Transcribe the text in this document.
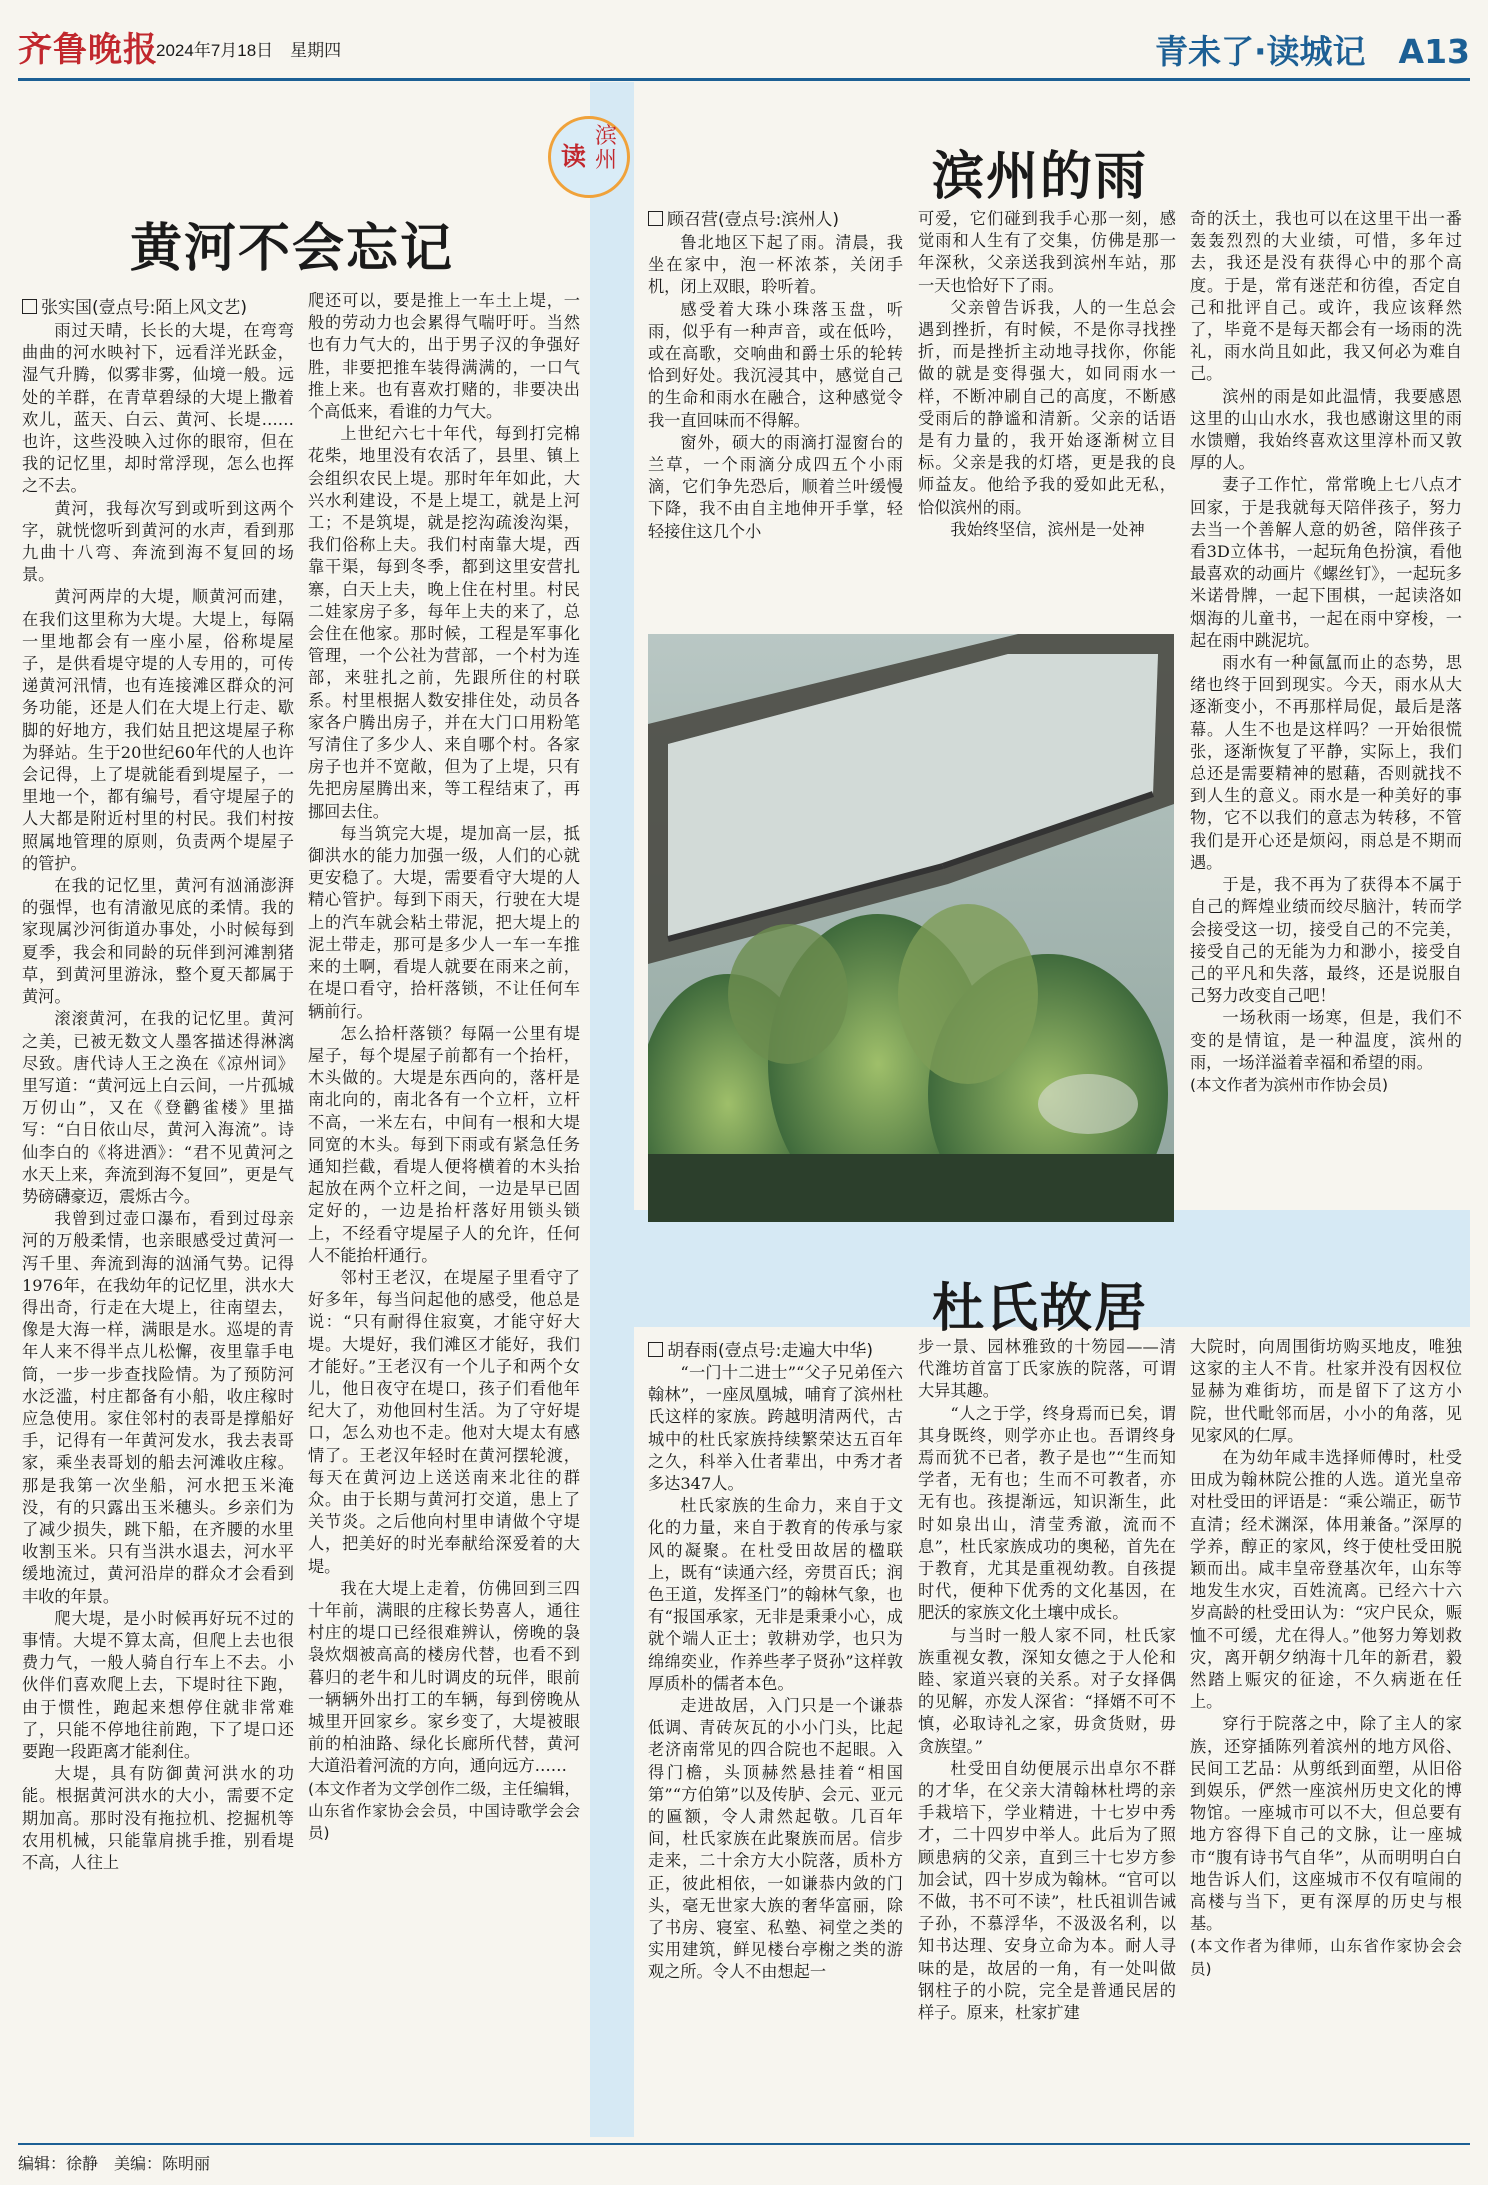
齐鲁晚报
2024年7月18日　星期四	青未了·读城记　A13
读
滨州
黄河不会忘记
张实国(壹点号:陌上风文艺)

雨过天晴，长长的大堤，在弯弯曲曲的河水映衬下，远看洋光跃金，湿气升腾，似雾非雾，仙境一般。远处的羊群，在青草碧绿的大堤上撒着欢儿，蓝天、白云、黄河、长堤……也许，这些没映入过你的眼帘，但在我的记忆里，却时常浮现，怎么也挥之不去。

黄河，我每次写到或听到这两个字，就恍惚听到黄河的水声，看到那九曲十八弯、奔流到海不复回的场景。

黄河两岸的大堤，顺黄河而建，在我们这里称为大堤。大堤上，每隔一里地都会有一座小屋，俗称堤屋子，是供看堤守堤的人专用的，可传递黄河汛情，也有连接滩区群众的河务功能，还是人们在大堤上行走、歇脚的好地方，我们姑且把这堤屋子称为驿站。生于20世纪60年代的人也许会记得，上了堤就能看到堤屋子，一里地一个，都有编号，看守堤屋子的人大都是附近村里的村民。我们村按照属地管理的原则，负责两个堤屋子的管护。

在我的记忆里，黄河有汹涌澎湃的强悍，也有清澈见底的柔情。我的家现属沙河街道办事处，小时候每到夏季，我会和同龄的玩伴到河滩割猪草，到黄河里游泳，整个夏天都属于黄河。

滚滚黄河，在我的记忆里。黄河之美，已被无数文人墨客描述得淋漓尽致。唐代诗人王之涣在《凉州词》里写道：“黄河远上白云间，一片孤城万仞山”，又在《登鹳雀楼》里描写：“白日依山尽，黄河入海流”。诗仙李白的《将进酒》：“君不见黄河之水天上来，奔流到海不复回”，更是气势磅礴豪迈，震烁古今。

我曾到过壶口瀑布，看到过母亲河的万般柔情，也亲眼感受过黄河一泻千里、奔流到海的汹涌气势。记得1976年，在我幼年的记忆里，洪水大得出奇，行走在大堤上，往南望去，像是大海一样，满眼是水。巡堤的青年人来不得半点儿松懈，夜里靠手电筒，一步一步查找险情。为了预防河水泛滥，村庄都备有小船，收庄稼时应急使用。家住邻村的表哥是撑船好手，记得有一年黄河发水，我去表哥家，乘坐表哥划的船去河滩收庄稼。那是我第一次坐船，河水把玉米淹没，有的只露出玉米穗头。乡亲们为了减少损失，跳下船，在齐腰的水里收割玉米。只有当洪水退去，河水平缓地流过，黄河沿岸的群众才会看到丰收的年景。

爬大堤，是小时候再好玩不过的事情。大堤不算太高，但爬上去也很费力气，一般人骑自行车上不去。小伙伴们喜欢爬上去，下堤时往下跑，由于惯性，跑起来想停住就非常难了，只能不停地往前跑，下了堤口还要跑一段距离才能刹住。

大堤，具有防御黄河洪水的功能。根据黄河洪水的大小，需要不定期加高。那时没有拖拉机、挖掘机等农用机械，只能靠肩挑手推，别看堤不高，人往上

爬还可以，要是推上一车土上堤，一般的劳动力也会累得气喘吁吁。当然也有力气大的，出于男子汉的争强好胜，非要把推车装得满满的，一口气推上来。也有喜欢打赌的，非要决出个高低来，看谁的力气大。

上世纪六七十年代，每到打完棉花柴，地里没有农活了，县里、镇上会组织农民上堤。那时年年如此，大兴水利建设，不是上堤工，就是上河工；不是筑堤，就是挖沟疏浚沟渠，我们俗称上夫。我们村南靠大堤，西靠干渠，每到冬季，都到这里安营扎寨，白天上夫，晚上住在村里。村民二娃家房子多，每年上夫的来了，总会住在他家。那时候，工程是军事化管理，一个公社为营部，一个村为连部，来驻扎之前，先跟所住的村联系。村里根据人数安排住处，动员各家各户腾出房子，并在大门口用粉笔写清住了多少人、来自哪个村。各家房子也并不宽敞，但为了上堤，只有先把房屋腾出来，等工程结束了，再挪回去住。

每当筑完大堤，堤加高一层，抵御洪水的能力加强一级，人们的心就更安稳了。大堤，需要看守大堤的人精心管护。每到下雨天，行驶在大堤上的汽车就会粘土带泥，把大堤上的泥土带走，那可是多少人一车一车推来的土啊，看堤人就要在雨来之前，在堤口看守，拾杆落锁，不让任何车辆前行。

怎么拾杆落锁？每隔一公里有堤屋子，每个堤屋子前都有一个抬杆，木头做的。大堤是东西向的，落杆是南北向的，南北各有一个立杆，立杆不高，一米左右，中间有一根和大堤同宽的木头。每到下雨或有紧急任务通知拦截，看堤人便将横着的木头抬起放在两个立杆之间，一边是早已固定好的，一边是抬杆落好用锁头锁上，不经看守堤屋子人的允许，任何人不能抬杆通行。

邻村王老汉，在堤屋子里看守了好多年，每当问起他的感受，他总是说：“只有耐得住寂寞，才能守好大堤。大堤好，我们滩区才能好，我们才能好。”王老汉有一个儿子和两个女儿，他日夜守在堤口，孩子们看他年纪大了，劝他回村生活。为了守好堤口，怎么劝也不走。他对大堤太有感情了。王老汉年轻时在黄河摆轮渡，每天在黄河边上送送南来北往的群众。由于长期与黄河打交道，患上了关节炎。之后他向村里申请做个守堤人，把美好的时光奉献给深爱着的大堤。

我在大堤上走着，仿佛回到三四十年前，满眼的庄稼长势喜人，通往村庄的堤口已经很难辨认，傍晚的袅袅炊烟被高高的楼房代替，也看不到暮归的老牛和儿时调皮的玩伴，眼前一辆辆外出打工的车辆，每到傍晚从城里开回家乡。家乡变了，大堤被眼前的柏油路、绿化长廊所代替，黄河大道沿着河流的方向，通向远方……

(本文作者为文学创作二级，主任编辑，山东省作家协会会员，中国诗歌学会会员)

滨州的雨
顾召营(壹点号:滨州人)

鲁北地区下起了雨。清晨，我坐在家中，泡一杯浓茶，关闭手机，闭上双眼，聆听着。

感受着大珠小珠落玉盘，听雨，似乎有一种声音，或在低吟，或在高歌，交响曲和爵士乐的轮转恰到好处。我沉浸其中，感觉自己的生命和雨水在融合，这种感觉令我一直回味而不得解。

窗外，硕大的雨滴打湿窗台的兰草，一个雨滴分成四五个小雨滴，它们争先恐后，顺着兰叶缓慢下降，我不由自主地伸开手掌，轻轻接住这几个小

可爱，它们碰到我手心那一刻，感觉雨和人生有了交集，仿佛是那一年深秋，父亲送我到滨州车站，那一天也恰好下了雨。

父亲曾告诉我，人的一生总会遇到挫折，有时候，不是你寻找挫折，而是挫折主动地寻找你，你能做的就是变得强大，如同雨水一样，不断冲刷自己的高度，不断感受雨后的静谧和清新。父亲的话语是有力量的，我开始逐渐树立目标。父亲是我的灯塔，更是我的良师益友。他给予我的爱如此无私，恰似滨州的雨。

我始终坚信，滨州是一处神

奇的沃土，我也可以在这里干出一番轰轰烈烈的大业绩，可惜，多年过去，我还是没有获得心中的那个高度。于是，常有迷茫和彷徨，否定自己和批评自己。或许，我应该释然了，毕竟不是每天都会有一场雨的洗礼，雨水尚且如此，我又何必为难自己。

滨州的雨是如此温情，我要感恩这里的山山水水，我也感谢这里的雨水馈赠，我始终喜欢这里淳朴而又敦厚的人。

妻子工作忙，常常晚上七八点才回家，于是我就每天陪伴孩子，努力去当一个善解人意的奶爸，陪伴孩子看3D立体书，一起玩角色扮演，看他最喜欢的动画片《螺丝钉》，一起玩多米诺骨牌，一起下围棋，一起读洛如烟海的儿童书，一起在雨中穿梭，一起在雨中跳泥坑。

雨水有一种氤氲而止的态势，思绪也终于回到现实。今天，雨水从大逐渐变小，不再那样局促，最后是落幕。人生不也是这样吗？一开始很慌张，逐渐恢复了平静，实际上，我们总还是需要精神的慰藉，否则就找不到人生的意义。雨水是一种美好的事物，它不以我们的意志为转移，不管我们是开心还是烦闷，雨总是不期而遇。

于是，我不再为了获得本不属于自己的辉煌业绩而绞尽脑汁，转而学会接受这一切，接受自己的不完美，接受自己的无能为力和渺小，接受自己的平凡和失落，最终，还是说服自己努力改变自己吧！

一场秋雨一场寒，但是，我们不变的是情谊，是一种温度，滨州的雨，一场洋溢着幸福和希望的雨。

(本文作者为滨州市作协会员)

杜氏故居
胡春雨(壹点号:走遍大中华)

“一门十二进士”“父子兄弟侄六翰林”，一座凤凰城，哺育了滨州杜氏这样的家族。跨越明清两代，古城中的杜氏家族持续繁荣达五百年之久，科举入仕者辈出，中秀才者多达347人。

杜氏家族的生命力，来自于文化的力量，来自于教育的传承与家风的凝聚。在杜受田故居的楹联上，既有“读通六经，旁贯百氏；润色王道，发挥圣门”的翰林气象，也有“报国承家，无非是秉秉小心，成就个端人正士；敦耕劝学，也只为绵绵奕业，作养些孝子贤孙”这样敦厚质朴的儒者本色。

走进故居，入门只是一个谦恭低调、青砖灰瓦的小小门头，比起老济南常见的四合院也不起眼。入得门檐，头顶赫然悬挂着“相国第”“方伯第”以及传胪、会元、亚元的匾额，令人肃然起敬。几百年间，杜氏家族在此聚族而居。信步走来，二十余方大小院落，质朴方正，彼此相依，一如谦恭内敛的门头，毫无世家大族的奢华富丽，除了书房、寝室、私塾、祠堂之类的实用建筑，鲜见楼台亭榭之类的游观之所。令人不由想起一

步一景、园林雅致的十笏园——清代潍坊首富丁氏家族的院落，可谓大异其趣。

“人之于学，终身焉而已矣，谓其身既终，则学亦止也。吾谓终身焉而犹不已者，教子是也”“生而知学者，无有也；生而不可教者，亦无有也。孩提渐远，知识渐生，此时如泉出山，清莹秀澈，流而不息”，杜氏家族成功的奥秘，首先在于教育，尤其是重视幼教。自孩提时代，便种下优秀的文化基因，在肥沃的家族文化土壤中成长。

与当时一般人家不同，杜氏家族重视女教，深知女德之于人伦和睦、家道兴衰的关系。对子女择偶的见解，亦发人深省：“择婿不可不慎，必取诗礼之家，毋贪货财，毋贪族望。”

杜受田自幼便展示出卓尔不群的才华，在父亲大清翰林杜堮的亲手栽培下，学业精进，十七岁中秀才，二十四岁中举人。此后为了照顾患病的父亲，直到三十七岁方参加会试，四十岁成为翰林。“官可以不做，书不可不读”，杜氏祖训告诫子孙，不慕浮华，不汲汲名利，以知书达理、安身立命为本。耐人寻味的是，故居的一角，有一处叫做钢柱子的小院，完全是普通民居的样子。原来，杜家扩建

大院时，向周围街坊购买地皮，唯独这家的主人不肯。杜家并没有因权位显赫为难街坊，而是留下了这方小院，世代毗邻而居，小小的角落，见见家风的仁厚。

在为幼年咸丰选择师傅时，杜受田成为翰林院公推的人选。道光皇帝对杜受田的评语是：“乘公端正，砺节直清；经术渊深，体用兼备。”深厚的学养，醇正的家风，终于使杜受田脱颖而出。咸丰皇帝登基次年，山东等地发生水灾，百姓流离。已经六十六岁高龄的杜受田认为：“灾户民众，赈恤不可缓，尤在得人。”他努力筹划救灾，离开朝夕纳海十几年的新君，毅然踏上赈灾的征途，不久病逝在任上。

穿行于院落之中，除了主人的家族，还穿插陈列着滨州的地方风俗、民间工艺品：从剪纸到面塑，从旧俗到娱乐，俨然一座滨州历史文化的博物馆。一座城市可以不大，但总要有地方容得下自己的文脉，让一座城市“腹有诗书气自华”，从而明明白白地告诉人们，这座城市不仅有喧闹的高楼与当下，更有深厚的历史与根基。

(本文作者为律师，山东省作家协会会员)

编辑：徐静　美编：陈明丽
